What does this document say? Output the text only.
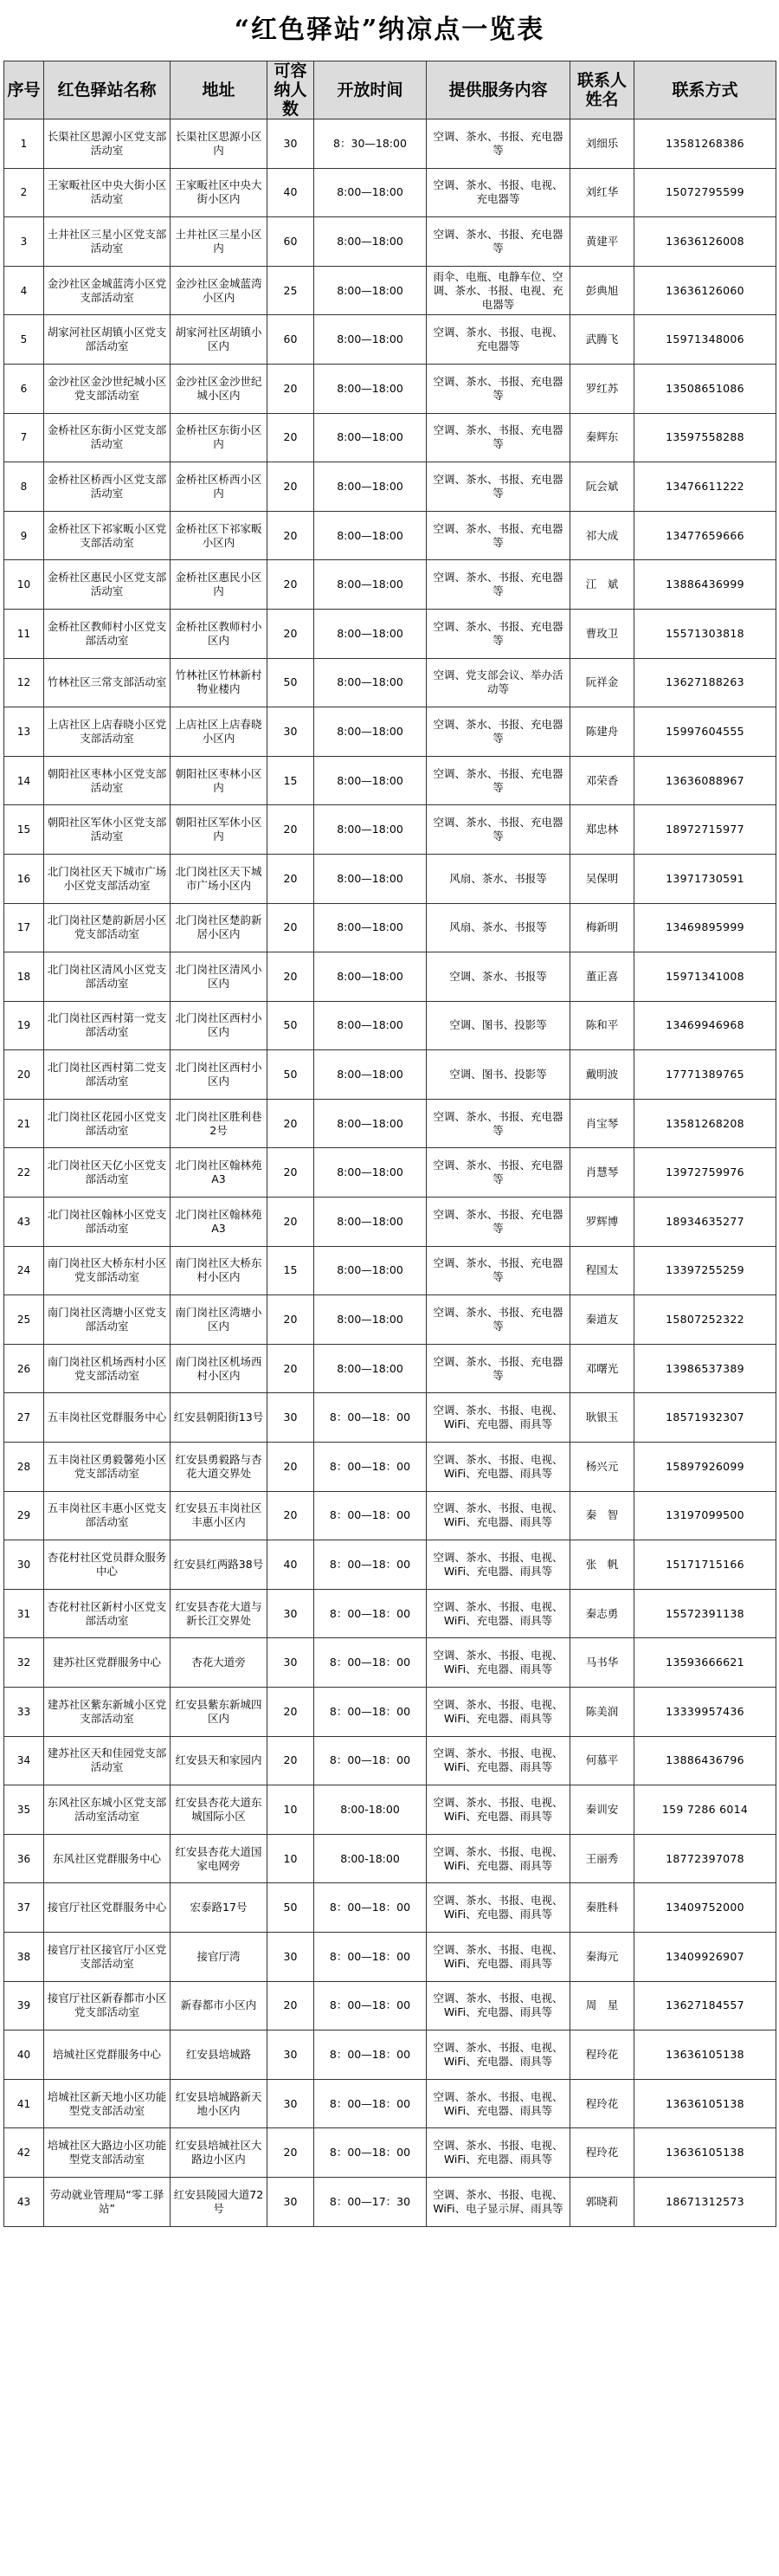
“红色驿站”纳凉点一览表
序号	红色驿站名称	地址	可容纳人数	开放时间	提供服务内容	联系人姓名	联系方式
1	长渠社区思源小区党支部活动室	长渠社区思源小区内	30	8：30—18:00	空调、茶水、书报、充电器等	刘细乐	13581268386
2	王家畈社区中央大街小区活动室	王家畈社区中央大街小区内	40	8:00—18:00	空调、茶水、书报、电视、充电器等	刘红华	15072795599
3	土井社区三星小区党支部活动室	土井社区三星小区内	60	8:00—18:00	空调、茶水、书报、充电器等	黄建平	13636126008
4	金沙社区金城蓝湾小区党支部活动室	金沙社区金城蓝湾小区内	25	8:00—18:00	雨伞、电瓶、电静车位、空调、茶水、书报、电视、充电器等	彭典旭	13636126060
5	胡家河社区胡镇小区党支部活动室	胡家河社区胡镇小区内	60	8:00—18:00	空调、茶水、书报、电视、充电器等	武腾飞	15971348006
6	金沙社区金沙世纪城小区党支部活动室	金沙社区金沙世纪城小区内	20	8:00—18:00	空调、茶水、书报、充电器等	罗红苏	13508651086
7	金桥社区东街小区党支部活动室	金桥社区东街小区内	20	8:00—18:00	空调、茶水、书报、充电器等	秦辉东	13597558288
8	金桥社区桥西小区党支部活动室	金桥社区桥西小区内	20	8:00—18:00	空调、茶水、书报、充电器等	阮会斌	13476611222
9	金桥社区下祁家畈小区党支部活动室	金桥社区下祁家畈小区内	20	8:00—18:00	空调、茶水、书报、充电器等	祁大成	13477659666
10	金桥社区惠民小区党支部活动室	金桥社区惠民小区内	20	8:00—18:00	空调、茶水、书报、充电器等	江　斌	13886436999
11	金桥社区教师村小区党支部活动室	金桥社区教师村小区内	20	8:00—18:00	空调、茶水、书报、充电器等	曹玫卫	15571303818
12	竹林社区三常支部活动室	竹林社区竹林新村物业楼内	50	8:00—18:00	空调、党支部会议、举办活动等	阮祥金	13627188263
13	上店社区上店春晓小区党支部活动室	上店社区上店春晓小区内	30	8:00—18:00	空调、茶水、书报、充电器等	陈建舟	15997604555
14	朝阳社区枣林小区党支部活动室	朝阳社区枣林小区内	15	8:00—18:00	空调、茶水、书报、充电器等	邓荣香	13636088967
15	朝阳社区军休小区党支部活动室	朝阳社区军休小区内	20	8:00—18:00	空调、茶水、书报、充电器等	郑忠林	18972715977
16	北门岗社区天下城市广场小区党支部活动室	北门岗社区天下城市广场小区内	20	8:00—18:00	风扇、茶水、书报等	吴保明	13971730591
17	北门岗社区楚韵新居小区党支部活动室	北门岗社区楚韵新居小区内	20	8:00—18:00	风扇、茶水、书报等	梅新明	13469895999
18	北门岗社区清风小区党支部活动室	北门岗社区清风小区内	20	8:00—18:00	空调、茶水、书报等	董正喜	15971341008
19	北门岗社区西村第一党支部活动室	北门岗社区西村小区内	50	8:00—18:00	空调、图书、投影等	陈和平	13469946968
20	北门岗社区西村第二党支部活动室	北门岗社区西村小区内	50	8:00—18:00	空调、图书、投影等	戴明波	17771389765
21	北门岗社区花园小区党支部活动室	北门岗社区胜利巷2号	20	8:00—18:00	空调、茶水、书报、充电器等	肖宝琴	13581268208
22	北门岗社区天亿小区党支部活动室	北门岗社区翰林苑A3	20	8:00—18:00	空调、茶水、书报、充电器等	肖慧琴	13972759976
43	北门岗社区翰林小区党支部活动室	北门岗社区翰林苑A3	20	8:00—18:00	空调、茶水、书报、充电器等	罗辉博	18934635277
24	南门岗社区大桥东村小区党支部活动室	南门岗社区大桥东村小区内	15	8:00—18:00	空调、茶水、书报、充电器等	程国太	13397255259
25	南门岗社区湾塘小区党支部活动室	南门岗社区湾塘小区内	20	8:00—18:00	空调、茶水、书报、充电器等	秦道友	15807252322
26	南门岗社区机场西村小区党支部活动室	南门岗社区机场西村小区内	20	8:00—18:00	空调、茶水、书报、充电器等	邓曙光	13986537389
27	五丰岗社区党群服务中心	红安县朝阳街13号	30	8：00—18：00	空调、茶水、书报、电视、WiFi、充电器、雨具等	耿银玉	18571932307
28	五丰岗社区勇毅馨苑小区党支部活动室	红安县勇毅路与杏花大道交界处	20	8：00—18：00	空调、茶水、书报、电视、WiFi、充电器、雨具等	杨兴元	15897926099
29	五丰岗社区丰惠小区党支部活动室	红安县五丰岗社区丰惠小区内	20	8：00—18：00	空调、茶水、书报、电视、WiFi、充电器、雨具等	秦　智	13197099500
30	杏花村社区党员群众服务中心	红安县红两路38号	40	8：00—18：00	空调、茶水、书报、电视、WiFi、充电器、雨具等	张　帆	15171715166
31	杏花村社区新村小区党支部活动室	红安县杏花大道与新长江交界处	30	8：00—18：00	空调、茶水、书报、电视、WiFi、充电器、雨具等	秦志勇	15572391138
32	建苏社区党群服务中心	杏花大道旁	30	8：00—18：00	空调、茶水、书报、电视、WiFi、充电器、雨具等	马书华	13593666621
33	建苏社区紫东新城小区党支部活动室	红安县紫东新城四区内	20	8：00—18：00	空调、茶水、书报、电视、WiFi、充电器、雨具等	陈美润	13339957436
34	建苏社区天和佳园党支部活动室	红安县天和家园内	20	8：00—18：00	空调、茶水、书报、电视、WiFi、充电器、雨具等	何慕平	13886436796
35	东风社区东城小区党支部活动室活动室	红安县杏花大道东城国际小区	10	8:00-18:00	空调、茶水、书报、电视、WiFi、充电器、雨具等	秦训安	159 7286 6014
36	东风社区党群服务中心	红安县杏花大道国家电网旁	10	8:00-18:00	空调、茶水、书报、电视、WiFi、充电器、雨具等	王丽秀	18772397078
37	接官厅社区党群服务中心	宏泰路17号	50	8：00—18：00	空调、茶水、书报、电视、WiFi、充电器、雨具等	秦胜科	13409752000
38	接官厅社区接官厅小区党支部活动室	接官厅湾	30	8：00—18：00	空调、茶水、书报、电视、WiFi、充电器、雨具等	秦海元	13409926907
39	接官厅社区新春都市小区党支部活动室	新春都市小区内	20	8：00—18：00	空调、茶水、书报、电视、WiFi、充电器、雨具等	周　星	13627184557
40	培城社区党群服务中心	红安县培城路	30	8：00—18：00	空调、茶水、书报、电视、WiFi、充电器、雨具等	程玲花	13636105138
41	培城社区新天地小区功能型党支部活动室	红安县培城路新天地小区内	30	8：00—18：00	空调、茶水、书报、电视、WiFi、充电器、雨具等	程玲花	13636105138
42	培城社区大路边小区功能型党支部活动室	红安县培城社区大路边小区内	20	8：00—18：00	空调、茶水、书报、电视、WiFi、充电器、雨具等	程玲花	13636105138
43	劳动就业管理局“零工驿站”	红安县陵园大道72号	30	8：00—17：30	空调、茶水、书报、电视、WiFi、电子显示屏、雨具等	郭晓莉	18671312573
